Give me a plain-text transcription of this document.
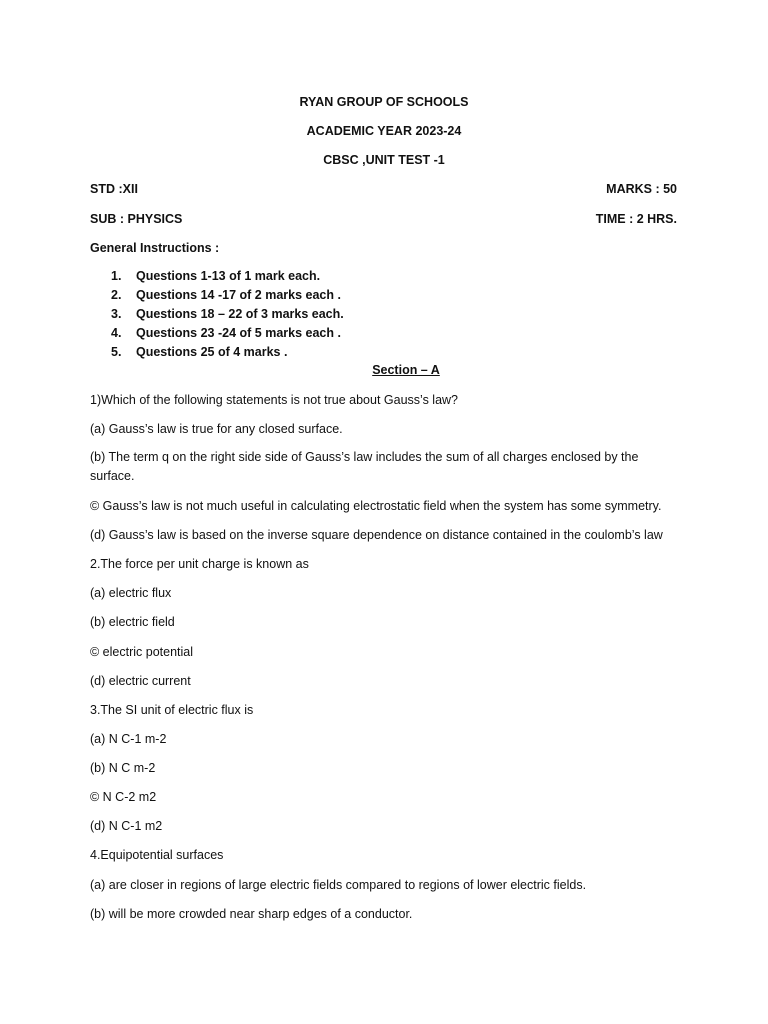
RYAN GROUP OF SCHOOLS
ACADEMIC YEAR 2023-24
CBSC ,UNIT TEST -1
STD :XII	MARKS : 50
SUB : PHYSICS	TIME : 2 HRS.
General Instructions :
1. Questions 1-13 of 1 mark each.
2. Questions 14 -17 of 2 marks each .
3. Questions 18 – 22 of 3 marks each.
4. Questions 23 -24 of 5 marks each .
5. Questions 25 of 4 marks .
Section – A
1)Which of the following statements is not true about Gauss’s law?
(a) Gauss’s law is true for any closed surface.
(b) The term q on the right side side of Gauss’s law includes the sum of all charges enclosed by the surface.
© Gauss’s law is not much useful in calculating electrostatic field when the system has some symmetry.
(d) Gauss’s law is based on the inverse square dependence on distance contained in the coulomb’s law
2.The force per unit charge is known as
(a) electric flux
(b) electric field
© electric potential
(d) electric current
3.The SI unit of electric flux is
(a) N C-1 m-2
(b) N C m-2
© N C-2 m2
(d) N C-1 m2
4.Equipotential surfaces
(a) are closer in regions of large electric fields compared to regions of lower electric fields.
(b) will be more crowded near sharp edges of a conductor.
